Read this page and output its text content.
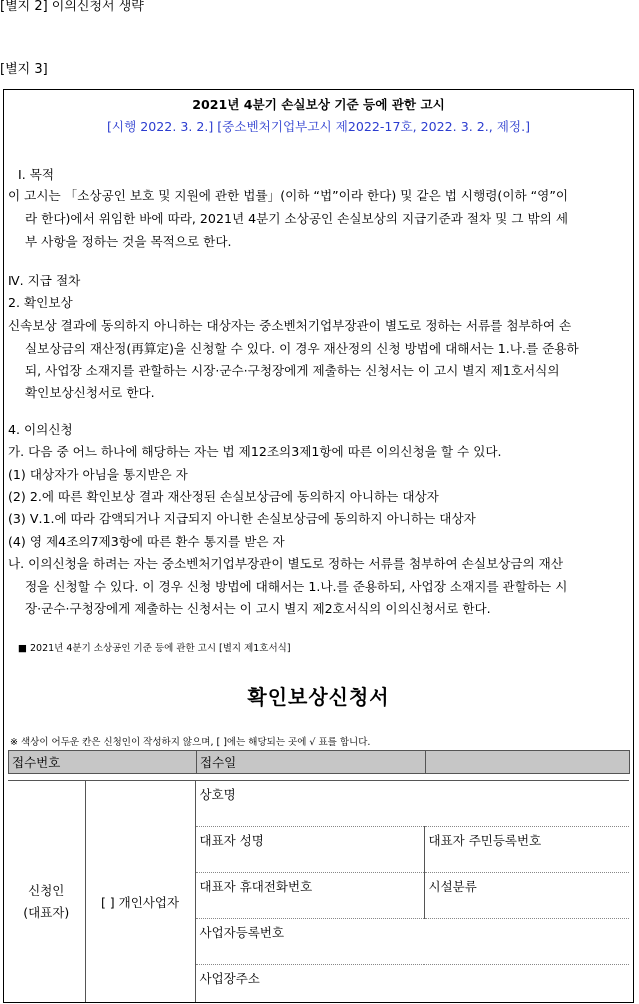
[별지 2] 이의신청서 생략
[별지 3]
2021년 4분기 손실보상 기준 등에 관한 고시
[시행 2022. 3. 2.] [중소벤처기업부고시 제2022-17호, 2022. 3. 2., 제정.]
Ⅰ. 목적
이 고시는 「소상공인 보호 및 지원에 관한 법률」(이하 “법”이라 한다) 및 같은 법 시행령(이하 “영”이
라 한다)에서 위임한 바에 따라, 2021년 4분기 소상공인 손실보상의 지급기준과 절차 및 그 밖의 세
부 사항을 정하는 것을 목적으로 한다.
Ⅳ. 지급 절차
2. 확인보상
신속보상 결과에 동의하지 아니하는 대상자는 중소벤처기업부장관이 별도로 정하는 서류를 첨부하여 손
실보상금의 재산정(再算定)을 신청할 수 있다. 이 경우 재산정의 신청 방법에 대해서는 1.나.를 준용하
되, 사업장 소재지를 관할하는 시장·군수·구청장에게 제출하는 신청서는 이 고시 별지 제1호서식의
확인보상신청서로 한다.
4. 이의신청
가. 다음 중 어느 하나에 해당하는 자는 법 제12조의3제1항에 따른 이의신청을 할 수 있다.
(1) 대상자가 아님을 통지받은 자
(2) 2.에 따른 확인보상 결과 재산정된 손실보상금에 동의하지 아니하는 대상자
(3) Ⅴ.1.에 따라 감액되거나 지급되지 아니한 손실보상금에 동의하지 아니하는 대상자
(4) 영 제4조의7제3항에 따른 환수 통지를 받은 자
나. 이의신청을 하려는 자는 중소벤처기업부장관이 별도로 정하는 서류를 첨부하여 손실보상금의 재산
정을 신청할 수 있다. 이 경우 신청 방법에 대해서는 1.나.를 준용하되, 사업장 소재지를 관할하는 시
장·군수·구청장에게 제출하는 신청서는 이 고시 별지 제2호서식의 이의신청서로 한다.
■ 2021년 4분기 소상공인 기준 등에 관한 고시 [별지 제1호서식]
확인보상신청서
※ 색상이 어두운 칸은 신청인이 작성하지 않으며, [ ]에는 해당되는 곳에 √ 표를 합니다.
접수번호	접수일	
신청인
(대표자)	[ ] 개인사업자	상호명	
		대표자 성명	대표자 주민등록번호
		대표자 휴대전화번호	시설분류
		사업자등록번호	
		사업장주소	
